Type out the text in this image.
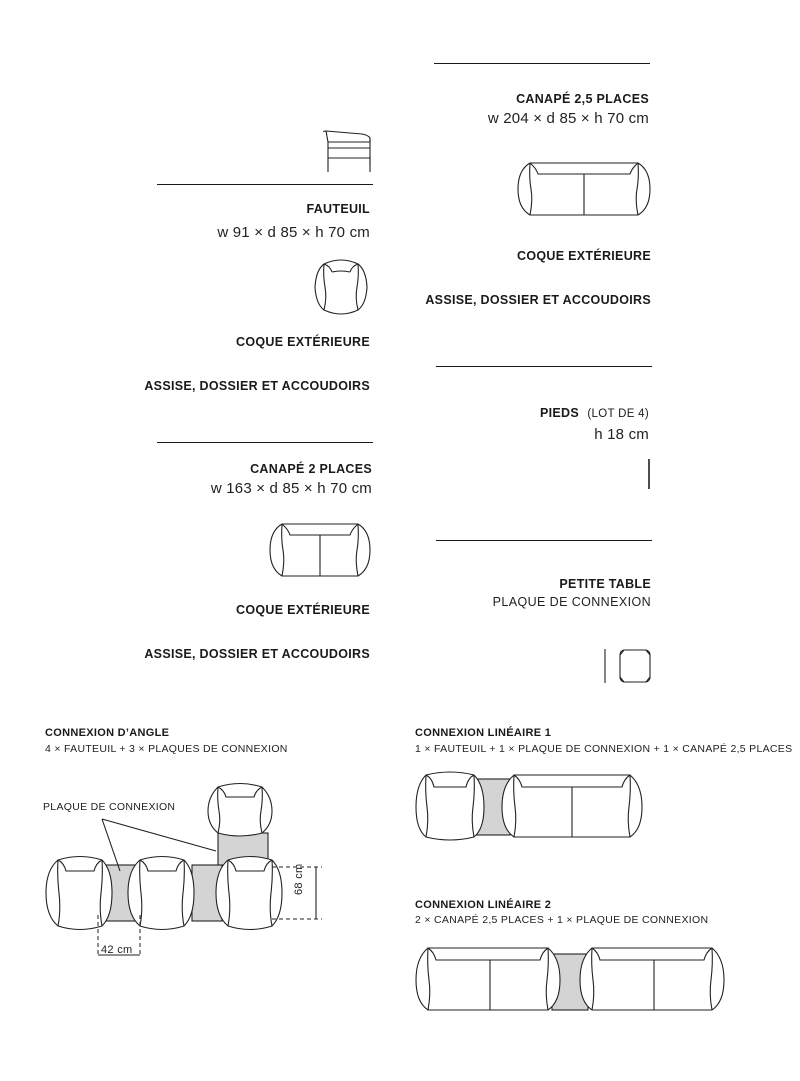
FAUTEUIL
w 91 × d 85 × h 70 cm
COQUE EXTÉRIEURE
ASSISE, DOSSIER ET ACCOUDOIRS
CANAPÉ 2 PLACES
w 163 × d 85 × h 70 cm
COQUE EXTÉRIEURE
ASSISE, DOSSIER ET ACCOUDOIRS
CANAPÉ 2,5 PLACES
w 204 × d 85 × h 70 cm
COQUE EXTÉRIEURE
ASSISE, DOSSIER ET ACCOUDOIRS
PIEDS (LOT DE 4)
h 18 cm
PETITE TABLE
PLAQUE DE CONNEXION
CONNEXION D’ANGLE
4 × FAUTEUIL + 3 × PLAQUES DE CONNEXION
PLAQUE DE CONNEXION
42 cm
68 cm
CONNEXION LINÉAIRE 1
1 × FAUTEUIL + 1 × PLAQUE DE CONNEXION + 1 × CANAPÉ 2,5 PLACES
CONNEXION LINÉAIRE 2
2 × CANAPÉ 2,5 PLACES + 1 × PLAQUE DE CONNEXION
